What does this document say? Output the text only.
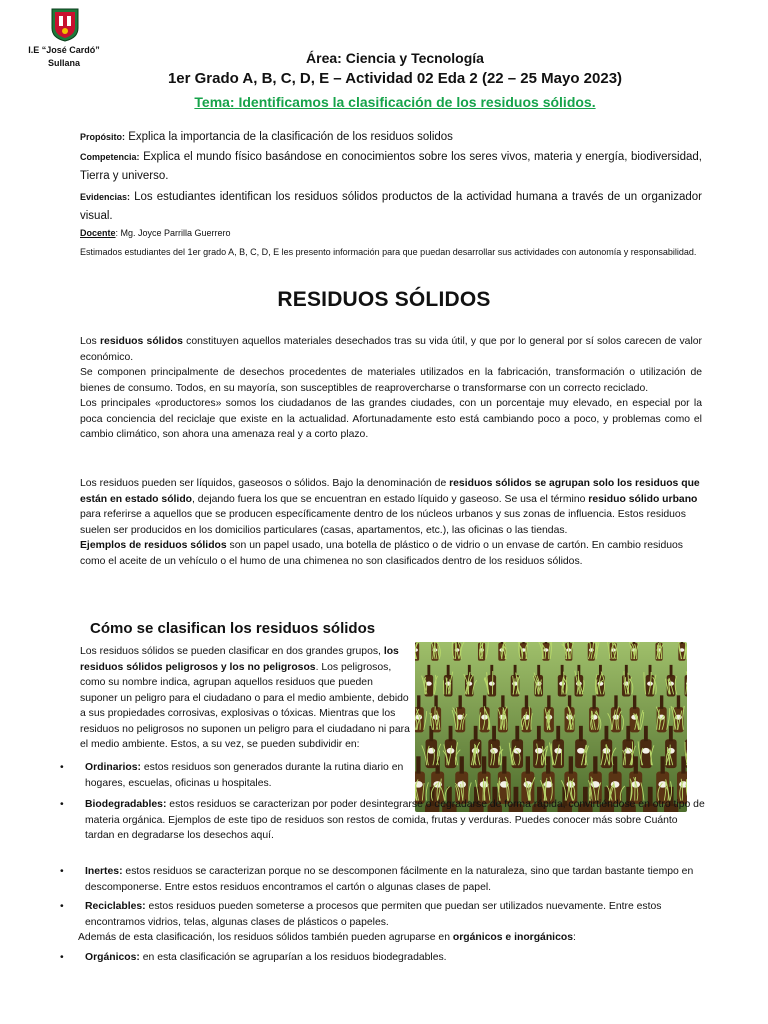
I.E “José Cardó”
Sullana	Área: Ciencia y Tecnología
1er Grado A, B, C, D, E – Actividad 02 Eda 2 (22 – 25 Mayo 2023)
Tema: Identificamos la clasificación de los residuos sólidos.
Propósito: Explica la importancia de la clasificación de los residuos solidos
Competencia: Explica el mundo físico basándose en conocimientos sobre los seres vivos, materia y energía, biodiversidad, Tierra y universo.
Evidencias: Los estudiantes identifican los residuos sólidos productos de la actividad humana a través de un organizador visual.
Docente: Mg. Joyce Parrilla Guerrero
Estimados estudiantes del 1er grado A, B, C, D, E les presento información para que puedan desarrollar sus actividades con autonomía y responsabilidad.
RESIDUOS SÓLIDOS
Los residuos sólidos constituyen aquellos materiales desechados tras su vida útil, y que por lo general por sí solos carecen de valor económico.
Se componen principalmente de desechos procedentes de materiales utilizados en la fabricación, transformación o utilización de bienes de consumo. Todos, en su mayoría, son susceptibles de reaprovercharse o transformarse con un correcto reciclado.
Los principales «productores» somos los ciudadanos de las grandes ciudades, con un porcentaje muy elevado, en especial por la poca conciencia del reciclaje que existe en la actualidad. Afortunadamente esto está cambiando poco a poco, y problemas como el cambio climático, son ahora una amenaza real y a corto plazo.
Los residuos pueden ser líquidos, gaseosos o sólidos. Bajo la denominación de residuos sólidos se agrupan solo los residuos que están en estado sólido, dejando fuera los que se encuentran en estado líquido y gaseoso. Se usa el término residuo sólido urbano para referirse a aquellos que se producen específicamente dentro de los núcleos urbanos y sus zonas de influencia. Estos residuos suelen ser producidos en los domicilios particulares (casas, apartamentos, etc.), las oficinas o las tiendas.
Ejemplos de residuos sólidos son un papel usado, una botella de plástico o de vidrio o un envase de cartón. En cambio residuos como el aceite de un vehículo o el humo de una chimenea no son clasificados dentro de los residuos sólidos.
Cómo se clasifican los residuos sólidos
Los residuos sólidos se pueden clasificar en dos grandes grupos, los residuos sólidos peligrosos y los no peligrosos. Los peligrosos, como su nombre indica, agrupan aquellos residuos que pueden suponer un peligro para el ciudadano o para el medio ambiente, debido a sus propiedades corrosivas, explosivas o tóxicas. Mientras que los residuos no peligrosos no suponen un peligro para el ciudadano ni para el medio ambiente. Estos, a su vez, se pueden subdividir en:
• Ordinarios: estos residuos son generados durante la rutina diario en hogares, escuelas, oficinas u hospitales.
• Biodegradables: estos residuos se caracterizan por poder desintegrarse o degradarse de forma rápida, convirtiéndose en otro tipo de materia orgánica. Ejemplos de este tipo de residuos son restos de comida, frutas y verduras. Puedes conocer más sobre Cuánto tardan en degradarse los desechos aquí.
• Inertes: estos residuos se caracterizan porque no se descomponen fácilmente en la naturaleza, sino que tardan bastante tiempo en descomponerse. Entre estos residuos encontramos el cartón o algunas clases de papel.
• Reciclables: estos residuos pueden someterse a procesos que permiten que puedan ser utilizados nuevamente. Entre estos encontramos vidrios, telas, algunas clases de plásticos o papeles.
Además de esta clasificación, los residuos sólidos también pueden agruparse en orgánicos e inorgánicos:
• Orgánicos: en esta clasificación se agruparían a los residuos biodegradables.
